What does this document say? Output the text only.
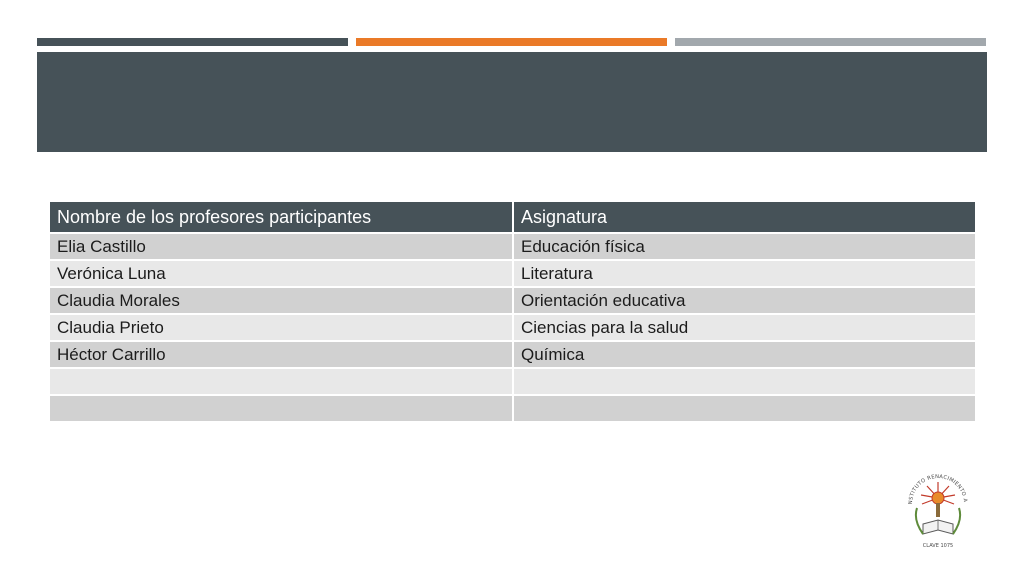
Nombre de los profesores participantes	Asignatura
Elia Castillo	Educación física
Verónica Luna	Literatura
Claudia Morales	Orientación educativa
Claudia Prieto	Ciencias para la salud
Héctor Carrillo	Química

NSTITUTO RENACIMIENTO A
CLAVE 1075
